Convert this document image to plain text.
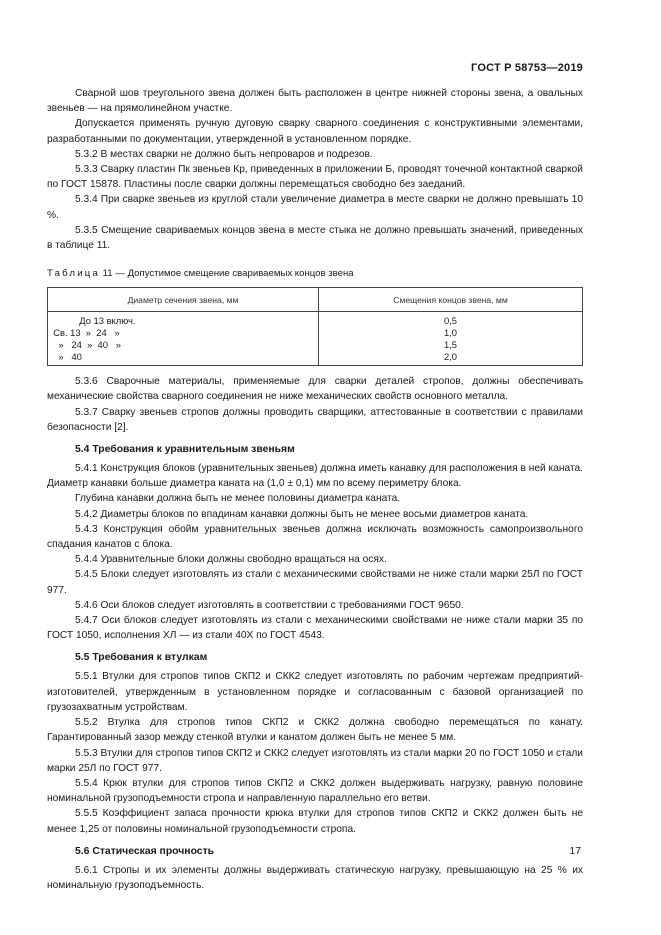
ГОСТ Р 58753—2019

Сварной шов треугольного звена должен быть расположен в центре нижней стороны звена, а овальных звеньев — на прямолинейном участке.

Допускается применять ручную дуговую сварку сварного соединения с конструктивными элементами, разработанными по документации, утвержденной в установленном порядке.

5.3.2 В местах сварки не должно быть непроваров и подрезов.

5.3.3 Сварку пластин Пк звеньев Кр, приведенных в приложении Б, проводят точечной контактной сваркой по ГОСТ 15878. Пластины после сварки должны перемещаться свободно без заеданий.

5.3.4 При сварке звеньев из круглой стали увеличение диаметра в месте сварки не должно превышать 10 %.

5.3.5 Смещение свариваемых концов звена в месте стыка не должно превышать значений, приведенных в таблице 11.

Таблица 11 — Допустимое смещение свариваемых концов звена
Диаметр сечения звена, мм	Смещения концов звена, мм

До 13 включ.	0,5

Св. 13  »  24   »	1,0

»   24  »  40   »	1,5

»   40	2,0

5.3.6 Сварочные материалы, применяемые для сварки деталей стропов, должны обеспечивать механические свойства сварного соединения не ниже механических свойств основного металла.

5.3.7 Сварку звеньев стропов должны проводить сварщики, аттестованные в соответствии с правилами безопасности [2].

5.4 Требования к уравнительным звеньям

5.4.1 Конструкция блоков (уравнительных звеньев) должна иметь канавку для расположения в ней каната. Диаметр канавки больше диаметра каната на (1,0 ± 0,1) мм по всему периметру блока.

Глубина канавки должна быть не менее половины диаметра каната.

5.4.2 Диаметры блоков по впадинам канавки должны быть не менее восьми диаметров каната.

5.4.3 Конструкция обойм уравнительных звеньев должна исключать возможность самопроизвольного спадания канатов с блока.

5.4.4 Уравнительные блоки должны свободно вращаться на осях.

5.4.5 Блоки следует изготовлять из стали с механическими свойствами не ниже стали марки 25Л по ГОСТ 977.

5.4.6 Оси блоков следует изготовлять в соответствии с требованиями ГОСТ 9650.

5.4.7 Оси блоков следует изготовлять из стали с механическими свойствами не ниже стали марки 35 по ГОСТ 1050, исполнения ХЛ — из стали 40Х по ГОСТ 4543.

5.5 Требования к втулкам

5.5.1 Втулки для стропов типов СКП2 и СКК2 следует изготовлять по рабочим чертежам предприятий-изготовителей, утвержденным в установленном порядке и согласованным с базовой организацией по грузозахватным устройствам.

5.5.2 Втулка для стропов типов СКП2 и СКК2 должна свободно перемещаться по канату. Гарантированный зазор между стенкой втулки и канатом должен быть не менее 5 мм.

5.5.3 Втулки для стропов типов СКП2 и СКК2 следует изготовлять из стали марки 20 по ГОСТ 1050 и стали марки 25Л по ГОСТ 977.

5.5.4 Крюк втулки для стропов типов СКП2 и СКК2 должен выдерживать нагрузку, равную половине номинальной грузоподъемности стропа и направленную параллельно его ветви.

5.5.5 Коэффициент запаса прочности крюка втулки для стропов типов СКП2 и СКК2 должен быть не менее 1,25 от половины номинальной грузоподъемности стропа.

5.6 Статическая прочность

5.6.1 Стропы и их элементы должны выдерживать статическую нагрузку, превышающую на 25 % их номинальную грузоподъемность.

17
